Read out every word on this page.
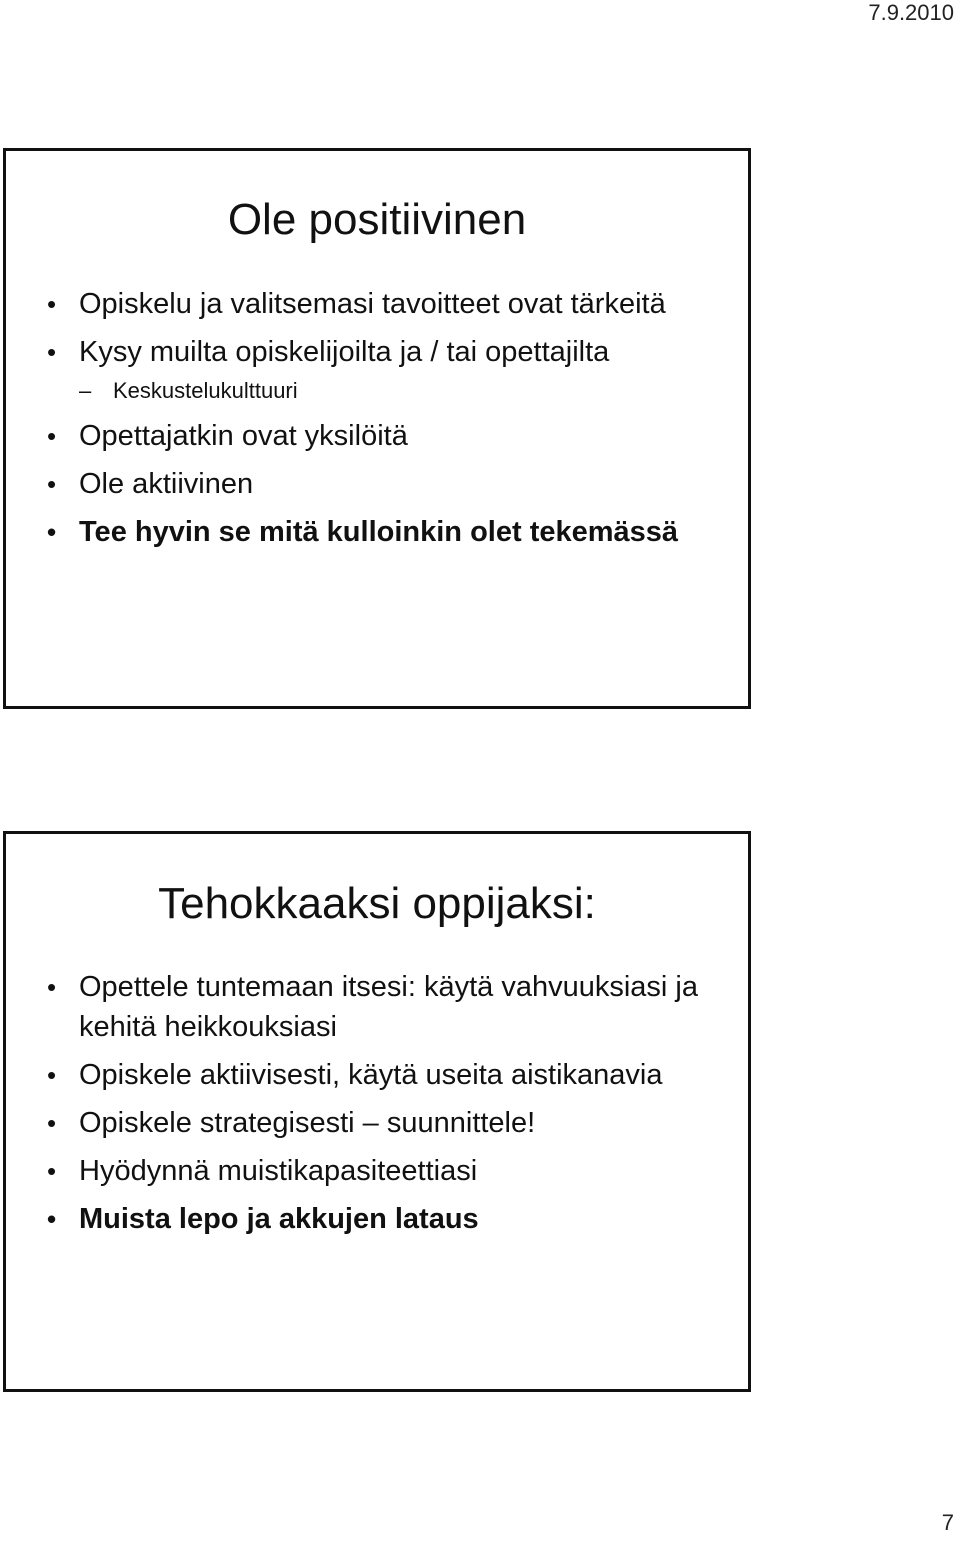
7.9.2010
Ole positiivinen
• Opiskelu ja valitsemasi tavoitteet ovat tärkeitä
• Kysy muilta opiskelijoilta ja / tai opettajilta
– Keskustelukulttuuri
• Opettajatkin ovat yksilöitä
• Ole aktiivinen
• Tee hyvin se mitä kulloinkin olet tekemässä
Tehokkaaksi oppijaksi:
• Opettele tuntemaan itsesi: käytä vahvuuksiasi ja kehitä heikkouksiasi
• Opiskele aktiivisesti, käytä useita aistikanavia
• Opiskele strategisesti – suunnittele!
• Hyödynnä muistikapasiteettiasi
• Muista lepo ja akkujen lataus
7
